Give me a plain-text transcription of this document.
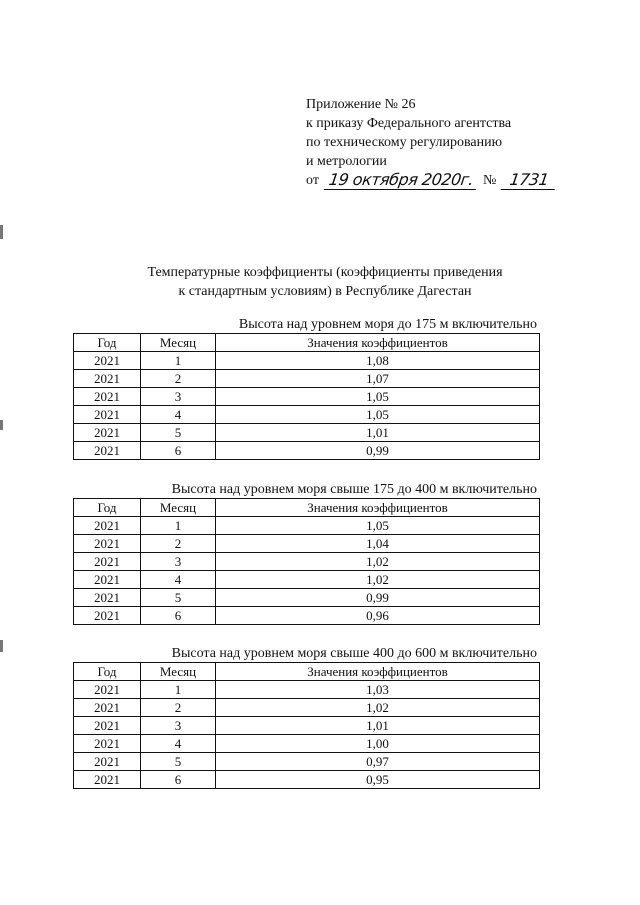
Приложение № 26
к приказу Федерального агентства
по техническому регулированию
и метрологии
от 19 октября 2020г. № 1731
Температурные коэффициенты (коэффициенты приведения
к стандартным условиям) в Республике Дагестан
Высота над уровнем моря до 175 м включительно
Год	Месяц	Значения коэффициентов
2021	1	1,08
2021	2	1,07
2021	3	1,05
2021	4	1,05
2021	5	1,01
2021	6	0,99
Высота над уровнем моря свыше 175 до 400 м включительно
Год	Месяц	Значения коэффициентов
2021	1	1,05
2021	2	1,04
2021	3	1,02
2021	4	1,02
2021	5	0,99
2021	6	0,96
Высота над уровнем моря свыше 400 до 600 м включительно
Год	Месяц	Значения коэффициентов
2021	1	1,03
2021	2	1,02
2021	3	1,01
2021	4	1,00
2021	5	0,97
2021	6	0,95
